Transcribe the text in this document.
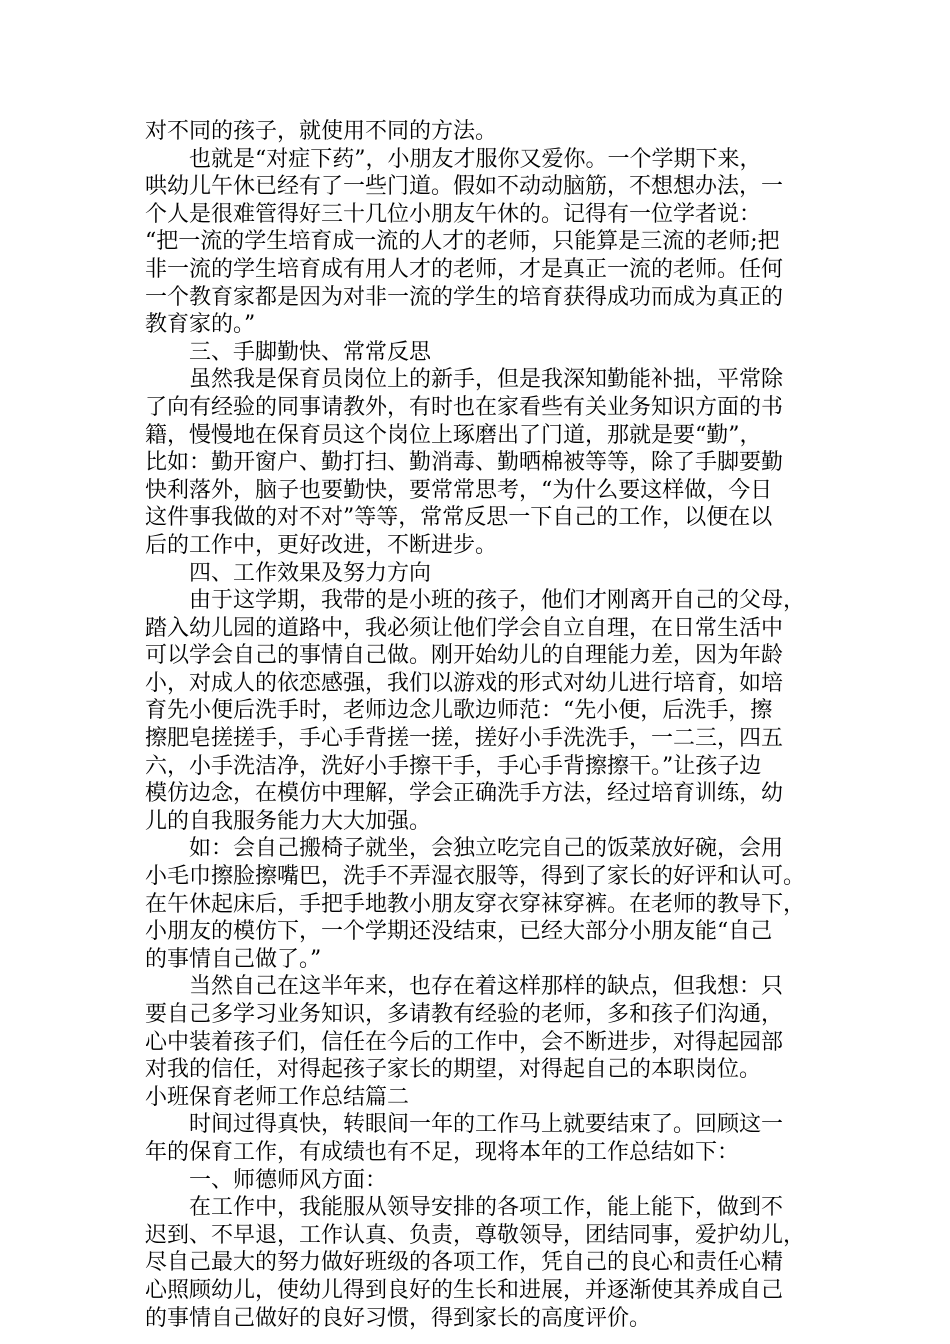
对不同的孩子，就使用不同的方法。
也就是“对症下药”，小朋友才服你又爱你。一个学期下来，
哄幼儿午休已经有了一些门道。假如不动动脑筋，不想想办法，一
个人是很难管得好三十几位小朋友午休的。记得有一位学者说：
“把一流的学生培育成一流的人才的老师，只能算是三流的老师;把
非一流的学生培育成有用人才的老师，才是真正一流的老师。任何
一个教育家都是因为对非一流的学生的培育获得成功而成为真正的
教育家的。”
三、手脚勤快、常常反思
虽然我是保育员岗位上的新手，但是我深知勤能补拙，平常除
了向有经验的同事请教外，有时也在家看些有关业务知识方面的书
籍，慢慢地在保育员这个岗位上琢磨出了门道，那就是要“勤”，
比如：勤开窗户、勤打扫、勤消毒、勤晒棉被等等，除了手脚要勤
快利落外，脑子也要勤快，要常常思考，“为什么要这样做，今日
这件事我做的对不对”等等，常常反思一下自己的工作，以便在以
后的工作中，更好改进，不断进步。
四、工作效果及努力方向
由于这学期，我带的是小班的孩子，他们才刚离开自己的父母，
踏入幼儿园的道路中，我必须让他们学会自立自理，在日常生活中
可以学会自己的事情自己做。刚开始幼儿的自理能力差，因为年龄
小，对成人的依恋感强，我们以游戏的形式对幼儿进行培育，如培
育先小便后洗手时，老师边念儿歌边师范：“先小便，后洗手，擦
擦肥皂搓搓手，手心手背搓一搓，搓好小手洗洗手，一二三，四五
六，小手洗洁净，洗好小手擦干手，手心手背擦擦干。”让孩子边
模仿边念，在模仿中理解，学会正确洗手方法，经过培育训练，幼
儿的自我服务能力大大加强。
如：会自己搬椅子就坐，会独立吃完自己的饭菜放好碗，会用
小毛巾擦脸擦嘴巴，洗手不弄湿衣服等，得到了家长的好评和认可。
在午休起床后，手把手地教小朋友穿衣穿袜穿裤。在老师的教导下，
小朋友的模仿下，一个学期还没结束，已经大部分小朋友能“自己
的事情自己做了。”
当然自己在这半年来，也存在着这样那样的缺点，但我想：只
要自己多学习业务知识，多请教有经验的老师，多和孩子们沟通，
心中装着孩子们，信任在今后的工作中，会不断进步，对得起园部
对我的信任，对得起孩子家长的期望，对得起自己的本职岗位。
小班保育老师工作总结篇二
时间过得真快，转眼间一年的工作马上就要结束了。回顾这一
年的保育工作，有成绩也有不足，现将本年的工作总结如下：
一、师德师风方面：
在工作中，我能服从领导安排的各项工作，能上能下，做到不
迟到、不早退，工作认真、负责，尊敬领导，团结同事，爱护幼儿，
尽自己最大的努力做好班级的各项工作，凭自己的良心和责任心精
心照顾幼儿，使幼儿得到良好的生长和进展，并逐渐使其养成自己
的事情自己做好的良好习惯，得到家长的高度评价。
